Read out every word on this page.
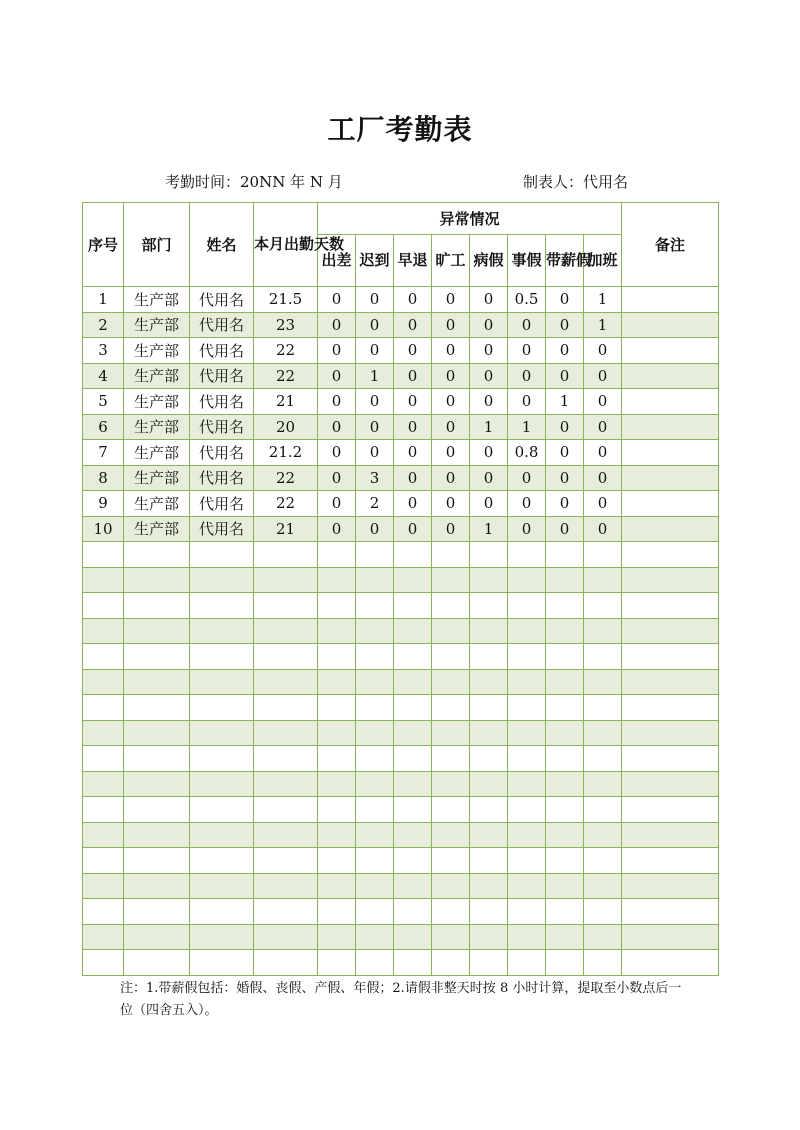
工厂考勤表
考勤时间：20NN 年 N 月	制表人：代用名
序号	部门	姓名	本月出勤天数	异常情况								备注
				出差	迟到	早退	旷工	病假	事假	带薪假	加班	
1	生产部	代用名	21.5	0	0	0	0	0	0.5	0	1	
2	生产部	代用名	23	0	0	0	0	0	0	0	1	
3	生产部	代用名	22	0	0	0	0	0	0	0	0	
4	生产部	代用名	22	0	1	0	0	0	0	0	0	
5	生产部	代用名	21	0	0	0	0	0	0	1	0	
6	生产部	代用名	20	0	0	0	0	1	1	0	0	
7	生产部	代用名	21.2	0	0	0	0	0	0.8	0	0	
8	生产部	代用名	22	0	3	0	0	0	0	0	0	
9	生产部	代用名	22	0	2	0	0	0	0	0	0	
10	生产部	代用名	21	0	0	0	0	1	0	0	0	

注：1.带薪假包括：婚假、丧假、产假、年假；2.请假非整天时按 8 小时计算，提取至小数点后一位（四舍五入）。
